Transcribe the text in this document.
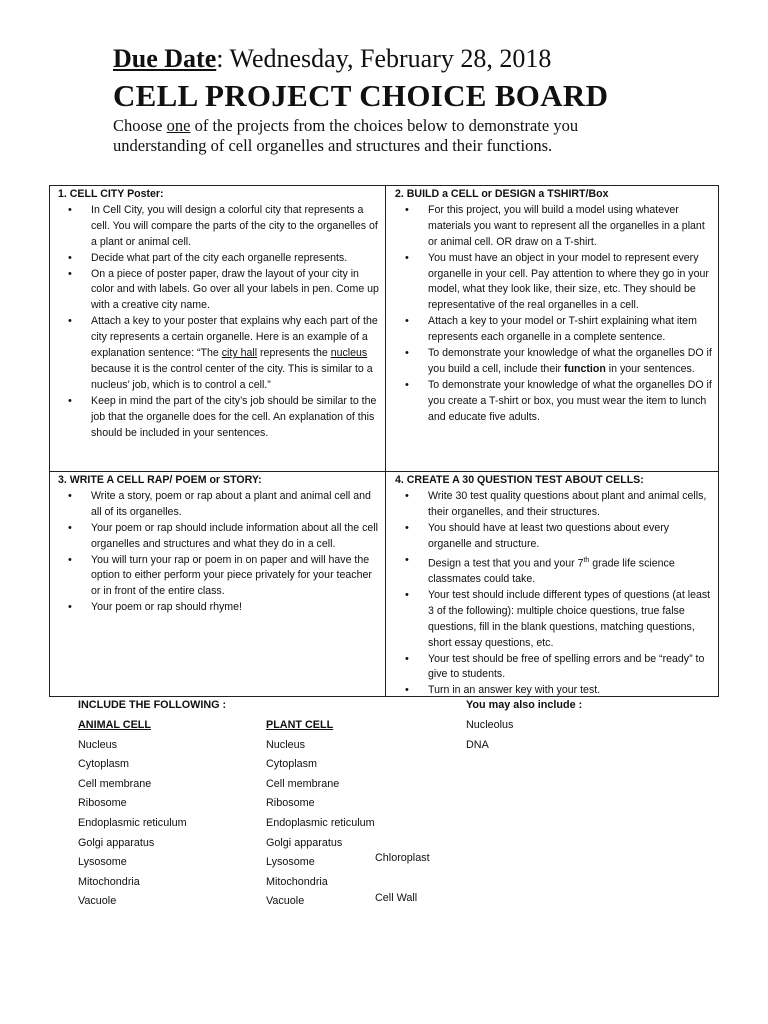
Due Date: Wednesday, February 28, 2018
CELL PROJECT CHOICE BOARD
Choose one of the projects from the choices below to demonstrate you understanding of cell organelles and structures and their functions.
1. CELL CITY Poster:
• In Cell City, you will design a colorful city that represents a cell. You will compare the parts of the city to the organelles of a plant or animal cell.
• Decide what part of the city each organelle represents.
• On a piece of poster paper, draw the layout of your city in color and with labels. Go over all your labels in pen. Come up with a creative city name.
• Attach a key to your poster that explains why each part of the city represents a certain organelle. Here is an example of a explanation sentence: “The city hall represents the nucleus because it is the control center of the city. This is similar to a nucleus’ job, which is to control a cell.”
• Keep in mind the part of the city’s job should be similar to the job that the organelle does for the cell. An explanation of this should be included in your sentences.
2. BUILD a CELL or DESIGN a TSHIRT/Box
• For this project, you will build a model using whatever materials you want to represent all the organelles in a plant or animal cell. OR draw on a T-shirt.
• You must have an object in your model to represent every organelle in your cell. Pay attention to where they go in your model, what they look like, their size, etc. They should be representative of the real organelles in a cell.
• Attach a key to your model or T-shirt explaining what item represents each organelle in a complete sentence.
• To demonstrate your knowledge of what the organelles DO if you build a cell, include their function in your sentences.
• To demonstrate your knowledge of what the organelles DO if you create a T-shirt or box, you must wear the item to lunch and educate five adults.
3. WRITE A CELL RAP/ POEM or STORY:
• Write a story, poem or rap about a plant and animal cell and all of its organelles.
• Your poem or rap should include information about all the cell organelles and structures and what they do in a cell.
• You will turn your rap or poem in on paper and will have the option to either perform your piece privately for your teacher or in front of the entire class.
• Your poem or rap should rhyme!
4. CREATE A 30 QUESTION TEST ABOUT CELLS:
• Write 30 test quality questions about plant and animal cells, their organelles, and their structures.
• You should have at least two questions about every organelle and structure.
• Design a test that you and your 7th grade life science classmates could take.
• Your test should include different types of questions (at least 3 of the following): multiple choice questions, true false questions, fill in the blank questions, matching questions, short essay questions, etc.
• Your test should be free of spelling errors and be “ready” to give to students.
• Turn in an answer key with your test.
INCLUDE THE FOLLOWING :	You may also include :
ANIMAL CELL
Nucleus
Cytoplasm
Cell membrane
Ribosome
Endoplasmic reticulum
Golgi apparatus
Lysosome
Mitochondria
Vacuole
PLANT CELL
Nucleus
Cytoplasm
Cell membrane
Ribosome
Endoplasmic reticulum
Golgi apparatus
Lysosome
Mitochondria
Vacuole
Chloroplast
Cell Wall
Nucleolus
DNA
